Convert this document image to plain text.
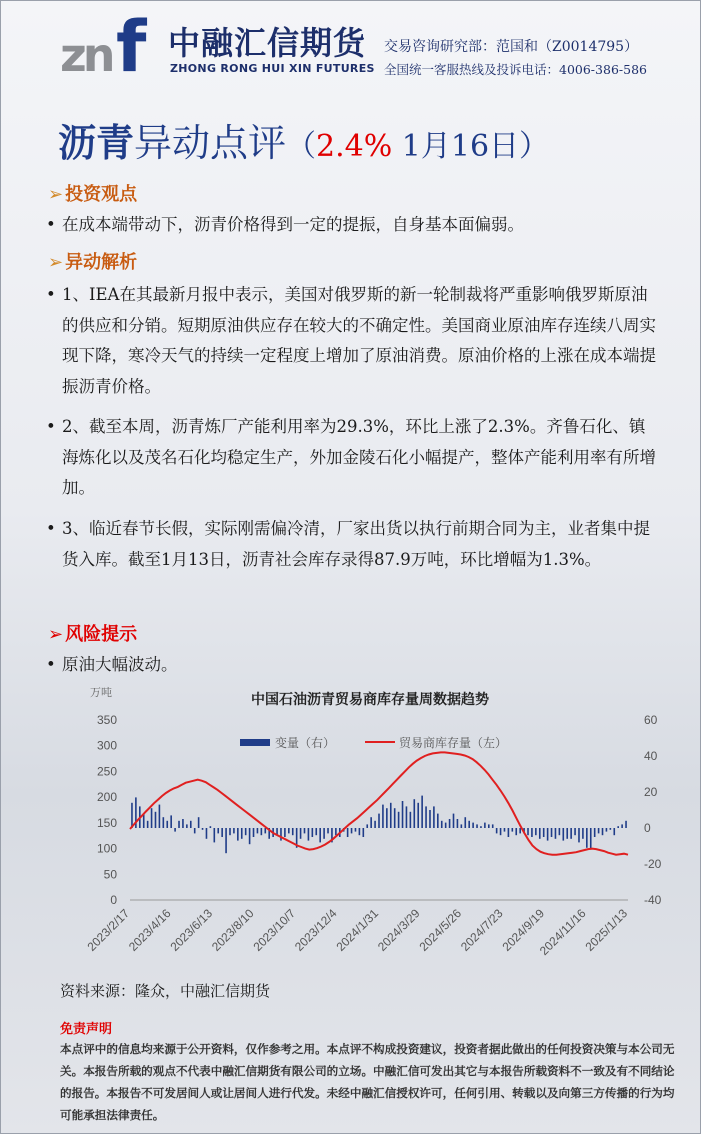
zn f 中融汇信期货
ZHONG RONG HUI XIN FUTURES
交易咨询研究部：范国和（Z0014795）
全国统一客服热线及投诉电话：4006-386-586
沥青异动点评（2.4% 1月16日）
➢ 投资观点
• 在成本端带动下，沥青价格得到一定的提振，自身基本面偏弱。
➢ 异动解析
• 1、IEA在其最新月报中表示，美国对俄罗斯的新一轮制裁将严重影响俄罗斯原油的供应和分销。短期原油供应存在较大的不确定性。美国商业原油库存连续八周实现下降，寒冷天气的持续一定程度上增加了原油消费。原油价格的上涨在成本端提振沥青价格。
• 2、截至本周，沥青炼厂产能利用率为29.3%，环比上涨了2.3%。齐鲁石化、镇海炼化以及茂名石化均稳定生产，外加金陵石化小幅提产，整体产能利用率有所增加。
• 3、临近春节长假，实际刚需偏冷清，厂家出货以执行前期合同为主，业者集中提货入库。截至1月13日，沥青社会库存录得87.9万吨，环比增幅为1.3%。
➢ 风险提示
• 原油大幅波动。
中国石油沥青贸易商库存量周数据趋势
万吨
350
300
250
200
150
100
50
0
60
40
20
0
-20
-40
变量（右）	贸易商库存量（左）
2023/2/17
2023/4/16
2023/6/13
2023/8/10
2023/10/7
2023/12/4
2024/1/31
2024/3/29
2024/5/26
2024/7/23
2024/9/19
2024/11/16
2025/1/13
资料来源：隆众，中融汇信期货
免责声明
本点评中的信息均来源于公开资料，仅作参考之用。本点评不构成投资建议，投资者据此做出的任何投资决策与本公司无关。本报告所载的观点不代表中融汇信期货有限公司的立场。中融汇信可发出其它与本报告所载资料不一致及有不同结论的报告。本报告不可发居间人或让居间人进行代发。未经中融汇信授权许可，任何引用、转载以及向第三方传播的行为均可能承担法律责任。
